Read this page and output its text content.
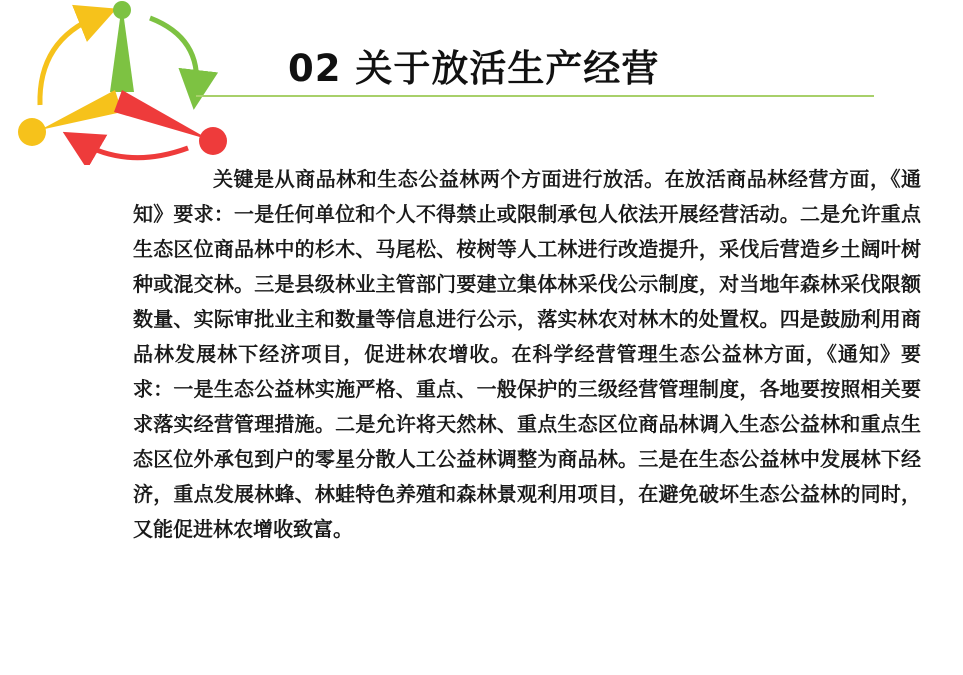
02 关于放活生产经营

关键是从商品林和生态公益林两个方面进行放活。在放活商品林经营方面，《通知》要求：一是任何单位和个人不得禁止或限制承包人依法开展经营活动。二是允许重点生态区位商品林中的杉木、马尾松、桉树等人工林进行改造提升，采伐后营造乡土阔叶树种或混交林。三是县级林业主管部门要建立集体林采伐公示制度，对当地年森林采伐限额数量、实际审批业主和数量等信息进行公示，落实林农对林木的处置权。四是鼓励利用商品林发展林下经济项目，促进林农增收。在科学经营管理生态公益林方面，《通知》要求：一是生态公益林实施严格、重点、一般保护的三级经营管理制度，各地要按照相关要求落实经营管理措施。二是允许将天然林、重点生态区位商品林调入生态公益林和重点生态区位外承包到户的零星分散人工公益林调整为商品林。三是在生态公益林中发展林下经济，重点发展林蜂、林蛙特色养殖和森林景观利用项目，在避免破坏生态公益林的同时，又能促进林农增收致富。
